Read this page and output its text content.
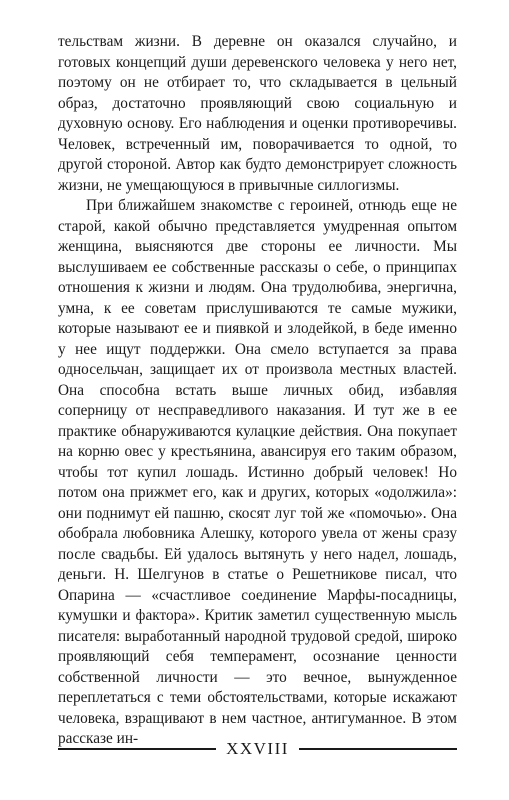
тельствам жизни. В деревне он оказался случайно, и готовых концепций души деревенского человека у него нет, поэтому он не отбирает то, что складывается в цельный образ, достаточно проявляющий свою социальную и духовную основу. Его наблюдения и оценки противоречивы. Человек, встреченный им, поворачивается то одной, то другой стороной. Автор как будто демонстрирует сложность жизни, не умещающуюся в привычные силлогизмы.

При ближайшем знакомстве с героиней, отнюдь еще не старой, какой обычно представляется умудренная опытом женщина, выясняются две стороны ее личности. Мы выслушиваем ее собственные рассказы о себе, о принципах отношения к жизни и людям. Она трудолюбива, энергична, умна, к ее советам прислушиваются те самые мужики, которые называют ее и пиявкой и злодейкой, в беде именно у нее ищут поддержки. Она смело вступается за права односельчан, защищает их от произвола местных властей. Она способна встать выше личных обид, избавляя соперницу от несправедливого наказания. И тут же в ее практике обнаруживаются кулацкие действия. Она покупает на корню овес у крестьянина, авансируя его таким образом, чтобы тот купил лошадь. Истинно добрый человек! Но потом она прижмет его, как и других, которых «одолжила»: они поднимут ей пашню, скосят луг той же «помочью». Она обобрала любовника Алешку, которого увела от жены сразу после свадьбы. Ей удалось вытянуть у него надел, лошадь, деньги. Н. Шелгунов в статье о Решетникове писал, что Опарина — «счастливое соединение Марфы-посадницы, кумушки и фактора». Критик заметил существенную мысль писателя: выработанный народной трудовой средой, широко проявляющий себя темперамент, осознание ценности собственной личности — это вечное, вынужденное переплетаться с теми обстоятельствами, которые искажают человека, взращивают в нем частное, антигуманное. В этом рассказе ин-

XXVIII
